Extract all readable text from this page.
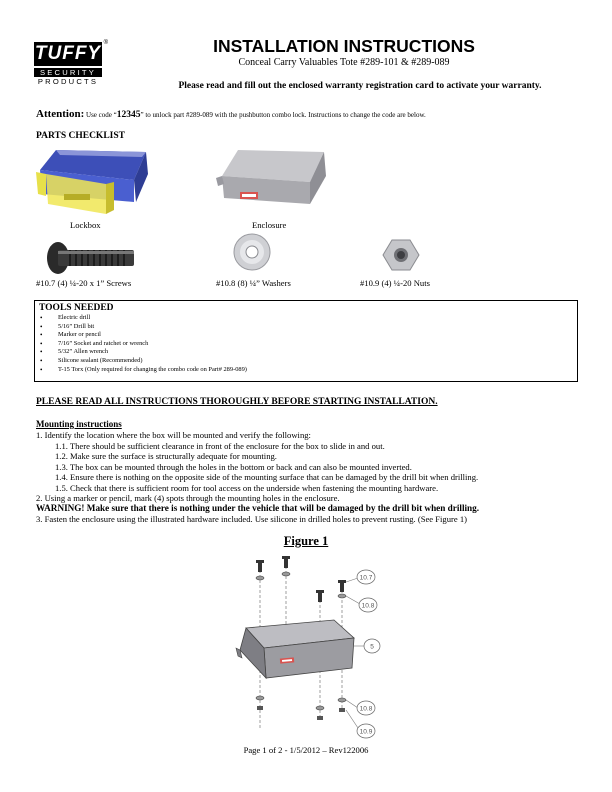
TUFFY ®
SECURITY
PRODUCTS
INSTALLATION INSTRUCTIONS
Conceal Carry Valuables Tote #289-101 & #289-089
Please read and fill out the enclosed warranty registration card to activate your warranty.
Attention: Use code “12345” to unlock part #289-089 with the pushbutton combo lock. Instructions to change the code are below.
PARTS CHECKLIST
Lockbox	Enclosure
#10.7 (4) ¼-20 x 1” Screws	#10.8 (8) ¼” Washers	#10.9 (4) ¼-20 Nuts
TOOLS NEEDED
• Electric drill
• 5/16” Drill bit
• Marker or pencil
• 7/16” Socket and ratchet or wrench
• 5/32” Allen wrench
• Silicone sealant (Recommended)
• T-15 Torx (Only required for changing the combo code on Part# 289-089)
PLEASE READ ALL INSTRUCTIONS THOROUGHLY BEFORE STARTING INSTALLATION.
Mounting instructions
1. Identify the location where the box will be mounted and verify the following:
1.1. There should be sufficient clearance in front of the enclosure for the box to slide in and out.
1.2. Make sure the surface is structurally adequate for mounting.
1.3. The box can be mounted through the holes in the bottom or back and can also be mounted inverted.
1.4. Ensure there is nothing on the opposite side of the mounting surface that can be damaged by the drill bit when drilling.
1.5. Check that there is sufficient room for tool access on the underside when fastening the mounting hardware.
2. Using a marker or pencil, mark (4) spots through the mounting holes in the enclosure.
WARNING! Make sure that there is nothing under the vehicle that will be damaged by the drill bit when drilling.
3. Fasten the enclosure using the illustrated hardware included. Use silicone in drilled holes to prevent rusting. (See Figure 1)
Figure 1
10.7
10.8
5
10.8
10.9
Page 1 of 2 - 1/5/2012 – Rev122006
